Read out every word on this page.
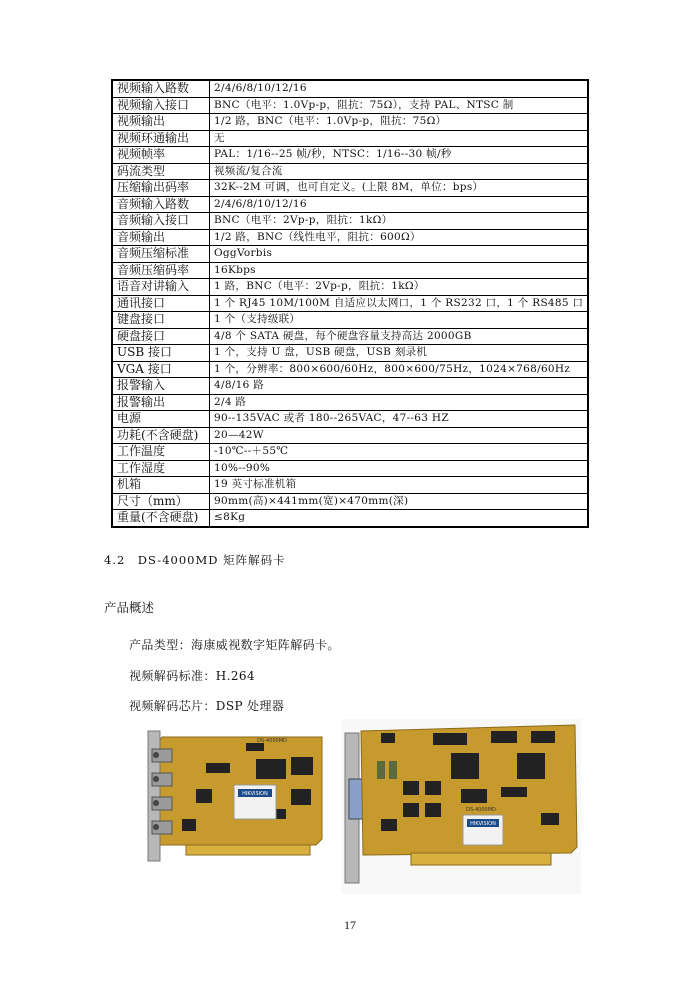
视频输入路数	2/4/6/8/10/12/16
视频输入接口	BNC（电平：1.0Vp-p，阻抗：75Ω），支持 PAL、NTSC 制
视频输出	1/2 路，BNC（电平：1.0Vp-p，阻抗：75Ω）
视频环通输出	无
视频帧率	PAL：1/16--25 帧/秒，NTSC：1/16--30 帧/秒
码流类型	视频流/复合流
压缩输出码率	32K--2M 可调，也可自定义。(上限 8M，单位：bps）
音频输入路数	2/4/6/8/10/12/16
音频输入接口	BNC（电平：2Vp-p，阻抗：1kΩ）
音频输出	1/2 路，BNC（线性电平，阻抗：600Ω）
音频压缩标准	OggVorbis
音频压缩码率	16Kbps
语音对讲输入	1 路，BNC（电平：2Vp-p，阻抗：1kΩ）
通讯接口	1 个 RJ45 10M/100M 自适应以太网口，1 个 RS232 口，1 个 RS485 口
键盘接口	1 个（支持级联）
硬盘接口	4/8 个 SATA 硬盘，每个硬盘容量支持高达 2000GB
USB 接口	1 个，支持 U 盘，USB 硬盘，USB 刻录机
VGA 接口	1 个，分辨率：800×600/60Hz，800×600/75Hz，1024×768/60Hz
报警输入	4/8/16 路
报警输出	2/4 路
电源	90--135VAC 或者 180--265VAC，47--63 HZ
功耗(不含硬盘)	20—42W
工作温度	-10℃--＋55℃
工作湿度	10%--90%
机箱	19 英寸标准机箱
尺寸（mm）	90mm(高)×441mm(宽)×470mm(深)
重量(不含硬盘)	≤8Kg
4.2　DS-4000MD 矩阵解码卡
产品概述
产品类型：海康威视数字矩阵解码卡。
视频解码标准：H.264
视频解码芯片：DSP 处理器
HIKVISION
DS-4000MD
HIKVISION
DS-4000MD
17
